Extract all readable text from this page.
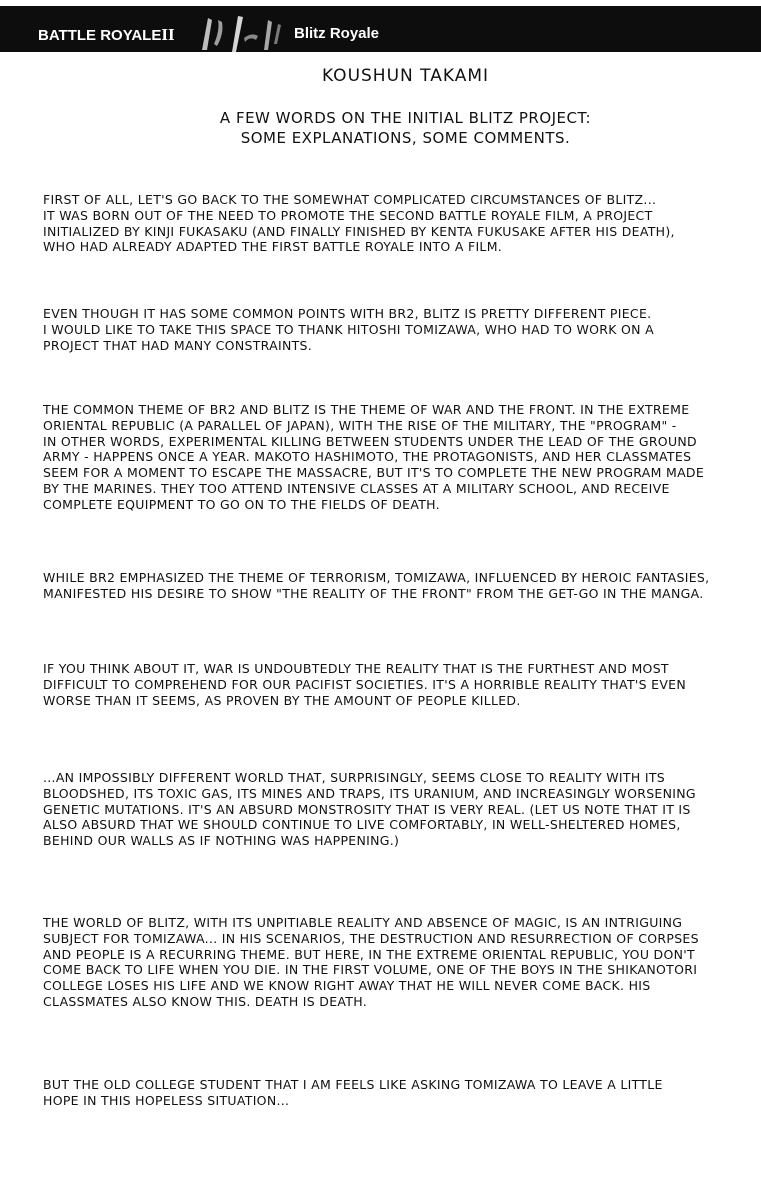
BATTLE ROYALEII	Blitz Royale
KOUSHUN TAKAMI
A FEW WORDS ON THE INITIAL BLITZ PROJECT:
SOME EXPLANATIONS, SOME COMMENTS.

FIRST OF ALL, LET'S GO BACK TO THE SOMEWHAT COMPLICATED CIRCUMSTANCES OF BLITZ...
IT WAS BORN OUT OF THE NEED TO PROMOTE THE SECOND BATTLE ROYALE FILM, A PROJECT
INITIALIZED BY KINJI FUKASAKU (AND FINALLY FINISHED BY KENTA FUKUSAKE AFTER HIS DEATH),
WHO HAD ALREADY ADAPTED THE FIRST BATTLE ROYALE INTO A FILM.

EVEN THOUGH IT HAS SOME COMMON POINTS WITH BR2, BLITZ IS PRETTY DIFFERENT PIECE.
I WOULD LIKE TO TAKE THIS SPACE TO THANK HITOSHI TOMIZAWA, WHO HAD TO WORK ON A
PROJECT THAT HAD MANY CONSTRAINTS.

THE COMMON THEME OF BR2 AND BLITZ IS THE THEME OF WAR AND THE FRONT. IN THE EXTREME
ORIENTAL REPUBLIC (A PARALLEL OF JAPAN), WITH THE RISE OF THE MILITARY, THE "PROGRAM" -
IN OTHER WORDS, EXPERIMENTAL KILLING BETWEEN STUDENTS UNDER THE LEAD OF THE GROUND
ARMY - HAPPENS ONCE A YEAR. MAKOTO HASHIMOTO, THE PROTAGONISTS, AND HER CLASSMATES
SEEM FOR A MOMENT TO ESCAPE THE MASSACRE, BUT IT'S TO COMPLETE THE NEW PROGRAM MADE
BY THE MARINES. THEY TOO ATTEND INTENSIVE CLASSES AT A MILITARY SCHOOL, AND RECEIVE
COMPLETE EQUIPMENT TO GO ON TO THE FIELDS OF DEATH.

WHILE BR2 EMPHASIZED THE THEME OF TERRORISM, TOMIZAWA, INFLUENCED BY HEROIC FANTASIES,
MANIFESTED HIS DESIRE TO SHOW "THE REALITY OF THE FRONT" FROM THE GET-GO IN THE MANGA.

IF YOU THINK ABOUT IT, WAR IS UNDOUBTEDLY THE REALITY THAT IS THE FURTHEST AND MOST
DIFFICULT TO COMPREHEND FOR OUR PACIFIST SOCIETIES. IT'S A HORRIBLE REALITY THAT'S EVEN
WORSE THAN IT SEEMS, AS PROVEN BY THE AMOUNT OF PEOPLE KILLED.

...AN IMPOSSIBLY DIFFERENT WORLD THAT, SURPRISINGLY, SEEMS CLOSE TO REALITY WITH ITS
BLOODSHED, ITS TOXIC GAS, ITS MINES AND TRAPS, ITS URANIUM, AND INCREASINGLY WORSENING
GENETIC MUTATIONS. IT'S AN ABSURD MONSTROSITY THAT IS VERY REAL. (LET US NOTE THAT IT IS
ALSO ABSURD THAT WE SHOULD CONTINUE TO LIVE COMFORTABLY, IN WELL-SHELTERED HOMES,
BEHIND OUR WALLS AS IF NOTHING WAS HAPPENING.)

THE WORLD OF BLITZ, WITH ITS UNPITIABLE REALITY AND ABSENCE OF MAGIC, IS AN INTRIGUING
SUBJECT FOR TOMIZAWA... IN HIS SCENARIOS, THE DESTRUCTION AND RESURRECTION OF CORPSES
AND PEOPLE IS A RECURRING THEME. BUT HERE, IN THE EXTREME ORIENTAL REPUBLIC, YOU DON'T
COME BACK TO LIFE WHEN YOU DIE. IN THE FIRST VOLUME, ONE OF THE BOYS IN THE SHIKANOTORI
COLLEGE LOSES HIS LIFE AND WE KNOW RIGHT AWAY THAT HE WILL NEVER COME BACK. HIS
CLASSMATES ALSO KNOW THIS. DEATH IS DEATH.

BUT THE OLD COLLEGE STUDENT THAT I AM FEELS LIKE ASKING TOMIZAWA TO LEAVE A LITTLE
HOPE IN THIS HOPELESS SITUATION...
